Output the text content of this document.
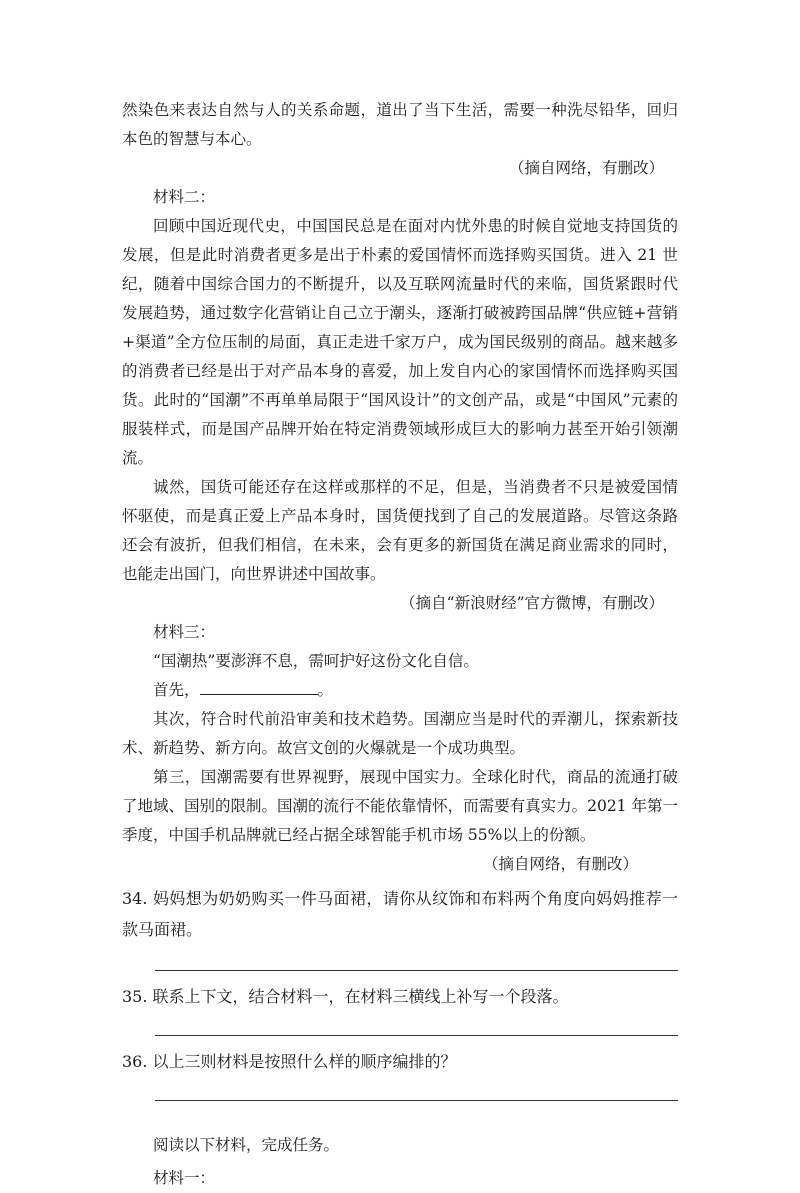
然染色来表达自然与人的关系命题，道出了当下生活，需要一种洗尽铅华，回归本色的智慧与本心。

（摘自网络，有删改）

材料二：

回顾中国近现代史，中国国民总是在面对内忧外患的时候自觉地支持国货的发展，但是此时消费者更多是出于朴素的爱国情怀而选择购买国货。进入 21 世纪，随着中国综合国力的不断提升，以及互联网流量时代的来临，国货紧跟时代发展趋势，通过数字化营销让自己立于潮头，逐渐打破被跨国品牌“供应链+营销+渠道”全方位压制的局面，真正走进千家万户，成为国民级别的商品。越来越多的消费者已经是出于对产品本身的喜爱，加上发自内心的家国情怀而选择购买国货。此时的“国潮”不再单单局限于“国风设计”的文创产品，或是“中国风”元素的服装样式，而是国产品牌开始在特定消费领域形成巨大的影响力甚至开始引领潮流。

诚然，国货可能还存在这样或那样的不足，但是，当消费者不只是被爱国情怀驱使，而是真正爱上产品本身时，国货便找到了自己的发展道路。尽管这条路还会有波折，但我们相信，在未来，会有更多的新国货在满足商业需求的同时，也能走出国门，向世界讲述中国故事。

（摘自“新浪财经”官方微博，有删改）

材料三：

“国潮热”要澎湃不息，需呵护好这份文化自信。

首先，	。

其次，符合时代前沿审美和技术趋势。国潮应当是时代的弄潮儿，探索新技术、新趋势、新方向。故宫文创的火爆就是一个成功典型。

第三，国潮需要有世界视野，展现中国实力。全球化时代，商品的流通打破了地域、国别的限制。国潮的流行不能依靠情怀，而需要有真实力。2021 年第一季度，中国手机品牌就已经占据全球智能手机市场 55%以上的份额。

（摘自网络，有删改）

34. 妈妈想为奶奶购买一件马面裙，请你从纹饰和布料两个角度向妈妈推荐一款马面裙。

35. 联系上下文，结合材料一，在材料三横线上补写一个段落。

36. 以上三则材料是按照什么样的顺序编排的？

阅读以下材料，完成任务。

材料一：
